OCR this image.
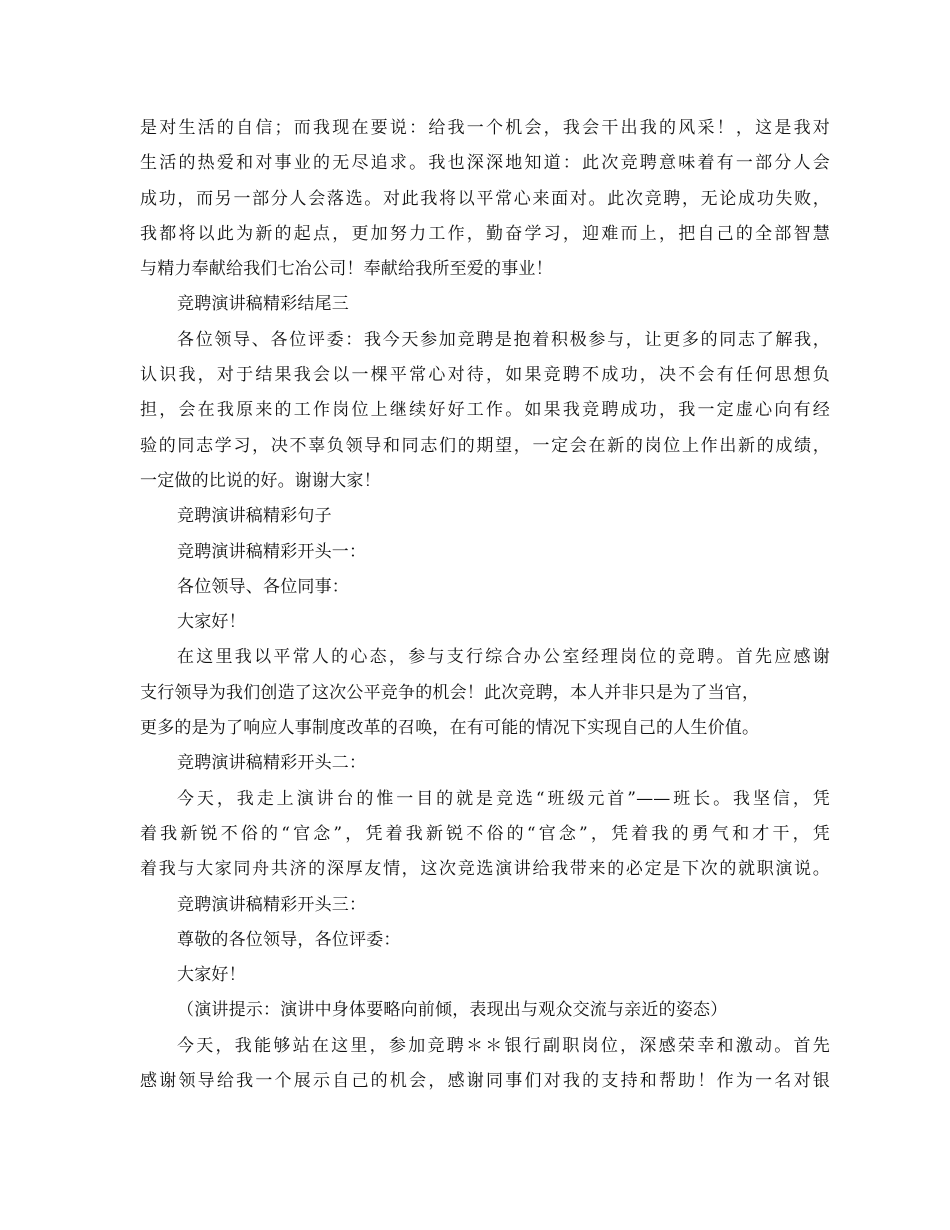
是对生活的自信；而我现在要说：给我一个机会，我会干出我的风采！，这是我对
生活的热爱和对事业的无尽追求。我也深深地知道：此次竞聘意味着有一部分人会
成功，而另一部分人会落选。对此我将以平常心来面对。此次竞聘，无论成功失败，
我都将以此为新的起点，更加努力工作，勤奋学习，迎难而上，把自己的全部智慧
与精力奉献给我们七冶公司！奉献给我所至爱的事业！
竞聘演讲稿精彩结尾三
各位领导、各位评委：我今天参加竞聘是抱着积极参与，让更多的同志了解我，
认识我，对于结果我会以一棵平常心对待，如果竞聘不成功，决不会有任何思想负
担，会在我原来的工作岗位上继续好好工作。如果我竞聘成功，我一定虚心向有经
验的同志学习，决不辜负领导和同志们的期望，一定会在新的岗位上作出新的成绩，
一定做的比说的好。谢谢大家！
竞聘演讲稿精彩句子
竞聘演讲稿精彩开头一：
各位领导、各位同事：
大家好！
在这里我以平常人的心态，参与支行综合办公室经理岗位的竞聘。首先应感谢
支行领导为我们创造了这次公平竞争的机会！此次竞聘，本人并非只是为了当官，
更多的是为了响应人事制度改革的召唤，在有可能的情况下实现自己的人生价值。
竞聘演讲稿精彩开头二：
今天，我走上演讲台的惟一目的就是竞选“班级元首”——班长。我坚信，凭
着我新锐不俗的“官念”，凭着我新锐不俗的“官念”，凭着我的勇气和才干，凭
着我与大家同舟共济的深厚友情，这次竞选演讲给我带来的必定是下次的就职演说。
竞聘演讲稿精彩开头三：
尊敬的各位领导，各位评委：
大家好！
（演讲提示：演讲中身体要略向前倾，表现出与观众交流与亲近的姿态）
今天，我能够站在这里，参加竞聘＊＊银行副职岗位，深感荣幸和激动。首先
感谢领导给我一个展示自己的机会，感谢同事们对我的支持和帮助！作为一名对银
